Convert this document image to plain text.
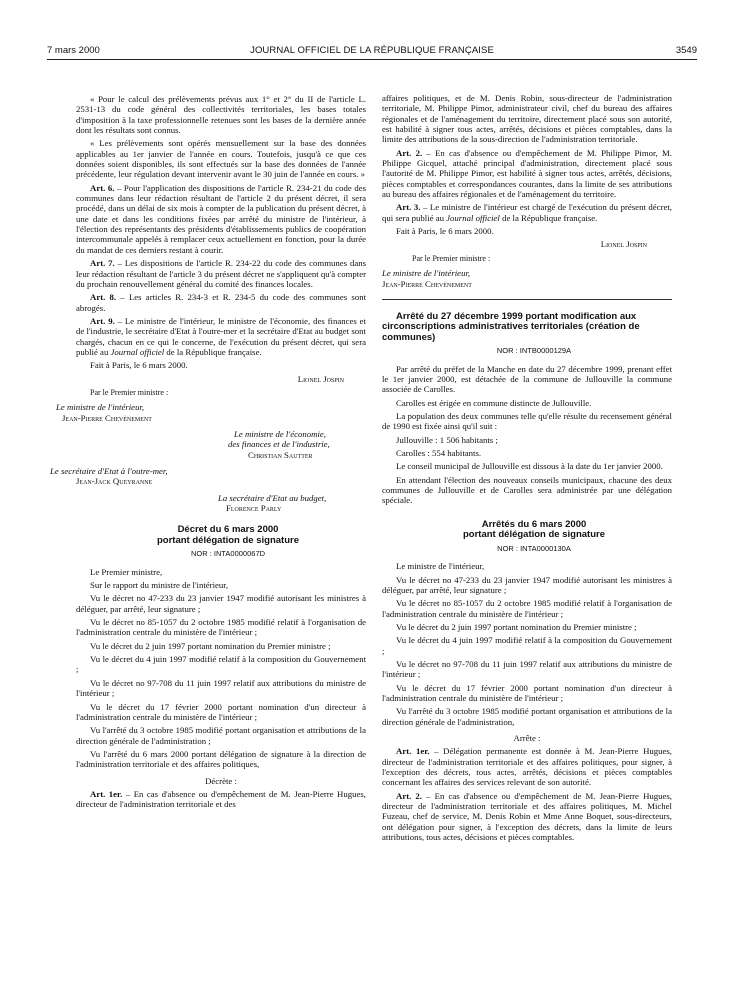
7 mars 2000	JOURNAL OFFICIEL DE LA RÉPUBLIQUE FRANÇAISE	3549

« Pour le calcul des prélèvements prévus aux 1° et 2° du II de l'article L. 2531-13 du code général des collectivités territoriales, les bases totales d'imposition à la taxe professionnelle retenues sont les bases de la dernière année dont les résultats sont connus.

« Les prélèvements sont opérés mensuellement sur la base des données applicables au 1er janvier de l'année en cours. Toutefois, jusqu'à ce que ces données soient disponibles, ils sont effectués sur la base des données de l'année précédente, leur régulation devant intervenir avant le 30 juin de l'année en cours. »

Art. 6. – Pour l'application des dispositions de l'article R. 234-21 du code des communes dans leur rédaction résultant de l'article 2 du présent décret, il sera procédé, dans un délai de six mois à compter de la publication du présent décret, à une date et dans les conditions fixées par arrêté du ministre de l'intérieur, à l'élection des représentants des présidents d'établissements publics de coopération intercommunale appelés à remplacer ceux actuellement en fonction, pour la durée du mandat de ces derniers restant à courir.

Art. 7. – Les dispositions de l'article R. 234-22 du code des communes dans leur rédaction résultant de l'article 3 du présent décret ne s'appliquent qu'à compter du prochain renouvellement général du comité des finances locales.

Art. 8. – Les articles R. 234-3 et R. 234-5 du code des communes sont abrogés.

Art. 9. – Le ministre de l'intérieur, le ministre de l'économie, des finances et de l'industrie, le secrétaire d'Etat à l'outre-mer et la secrétaire d'Etat au budget sont chargés, chacun en ce qui le concerne, de l'exécution du présent décret, qui sera publié au Journal officiel de la République française.

Fait à Paris, le 6 mars 2000.

Lionel Jospin

Par le Premier ministre :

Le ministre de l'intérieur,

Jean-Pierre Chevènement

Le ministre de l'économie,

des finances et de l'industrie,

Christian Sautter

Le secrétaire d'Etat à l'outre-mer,

Jean-Jack Queyranne

La secrétaire d'Etat au budget,

Florence Parly

Décret du 6 mars 2000

portant délégation de signature

NOR : INTA0000067D

Le Premier ministre,

Sur le rapport du ministre de l'intérieur,

Vu le décret no 47-233 du 23 janvier 1947 modifié autorisant les ministres à déléguer, par arrêté, leur signature ;

Vu le décret no 85-1057 du 2 octobre 1985 modifié relatif à l'organisation de l'administration centrale du ministère de l'intérieur ;

Vu le décret du 2 juin 1997 portant nomination du Premier ministre ;

Vu le décret du 4 juin 1997 modifié relatif à la composition du Gouvernement ;

Vu le décret no 97-708 du 11 juin 1997 relatif aux attributions du ministre de l'intérieur ;

Vu le décret du 17 février 2000 portant nomination d'un directeur à l'administration centrale du ministère de l'intérieur ;

Vu l'arrêté du 3 octobre 1985 modifié portant organisation et attributions de la direction générale de l'administration ;

Vu l'arrêté du 6 mars 2000 portant délégation de signature à la direction de l'administration territoriale et des affaires politiques,

Décrète :

Art. 1er. – En cas d'absence ou d'empêchement de M. Jean-Pierre Hugues, directeur de l'administration territoriale et des

affaires politiques, et de M. Denis Robin, sous-directeur de l'administration territoriale, M. Philippe Pimor, administrateur civil, chef du bureau des affaires régionales et de l'aménagement du territoire, directement placé sous son autorité, est habilité à signer tous actes, arrêtés, décisions et pièces comptables, dans la limite des attributions de la sous-direction de l'administration territoriale.

Art. 2. – En cas d'absence ou d'empêchement de M. Philippe Pimor, M. Philippe Gicquel, attaché principal d'administration, directement placé sous l'autorité de M. Philippe Pimor, est habilité à signer tous actes, arrêtés, décisions, pièces comptables et correspondances courantes, dans la limite de ses attributions au bureau des affaires régionales et de l'aménagement du territoire.

Art. 3. – Le ministre de l'intérieur est chargé de l'exécution du présent décret, qui sera publié au Journal officiel de la République française.

Fait à Paris, le 6 mars 2000.

Lionel Jospin

Par le Premier ministre :

Le ministre de l'intérieur,

Jean-Pierre Chevènement

Arrêté du 27 décembre 1999 portant modification aux circonscriptions administratives territoriales (création de communes)

NOR : INTB0000129A

Par arrêté du préfet de la Manche en date du 27 décembre 1999, prenant effet le 1er janvier 2000, est détachée de la commune de Jullouville la commune associée de Carolles.

Carolles est érigée en commune distincte de Jullouville.

La population des deux communes telle qu'elle résulte du recensement général de 1990 est fixée ainsi qu'il suit :

Jullouville : 1 506 habitants ;

Carolles : 554 habitants.

Le conseil municipal de Jullouville est dissous à la date du 1er janvier 2000.

En attendant l'élection des nouveaux conseils municipaux, chacune des deux communes de Jullouville et de Carolles sera administrée par une délégation spéciale.

Arrêtés du 6 mars 2000

portant délégation de signature

NOR : INTA0000130A

Le ministre de l'intérieur,

Vu le décret no 47-233 du 23 janvier 1947 modifié autorisant les ministres à déléguer, par arrêté, leur signature ;

Vu le décret no 85-1057 du 2 octobre 1985 modifié relatif à l'organisation de l'administration centrale du ministère de l'intérieur ;

Vu le décret du 2 juin 1997 portant nomination du Premier ministre ;

Vu le décret du 4 juin 1997 modifié relatif à la composition du Gouvernement ;

Vu le décret no 97-708 du 11 juin 1997 relatif aux attributions du ministre de l'intérieur ;

Vu le décret du 17 février 2000 portant nomination d'un directeur à l'administration centrale du ministère de l'intérieur ;

Vu l'arrêté du 3 octobre 1985 modifié portant organisation et attributions de la direction générale de l'administration,

Arrête :

Art. 1er. – Délégation permanente est donnée à M. Jean-Pierre Hugues, directeur de l'administration territoriale et des affaires politiques, pour signer, à l'exception des décrets, tous actes, arrêtés, décisions et pièces comptables concernant les affaires des services relevant de son autorité.

Art. 2. – En cas d'absence ou d'empêchement de M. Jean-Pierre Hugues, directeur de l'administration territoriale et des affaires politiques, M. Michel Fuzeau, chef de service, M. Denis Robin et Mme Anne Boquet, sous-directeurs, ont délégation pour signer, à l'exception des décrets, dans la limite de leurs attributions, tous actes, décisions et pièces comptables.
